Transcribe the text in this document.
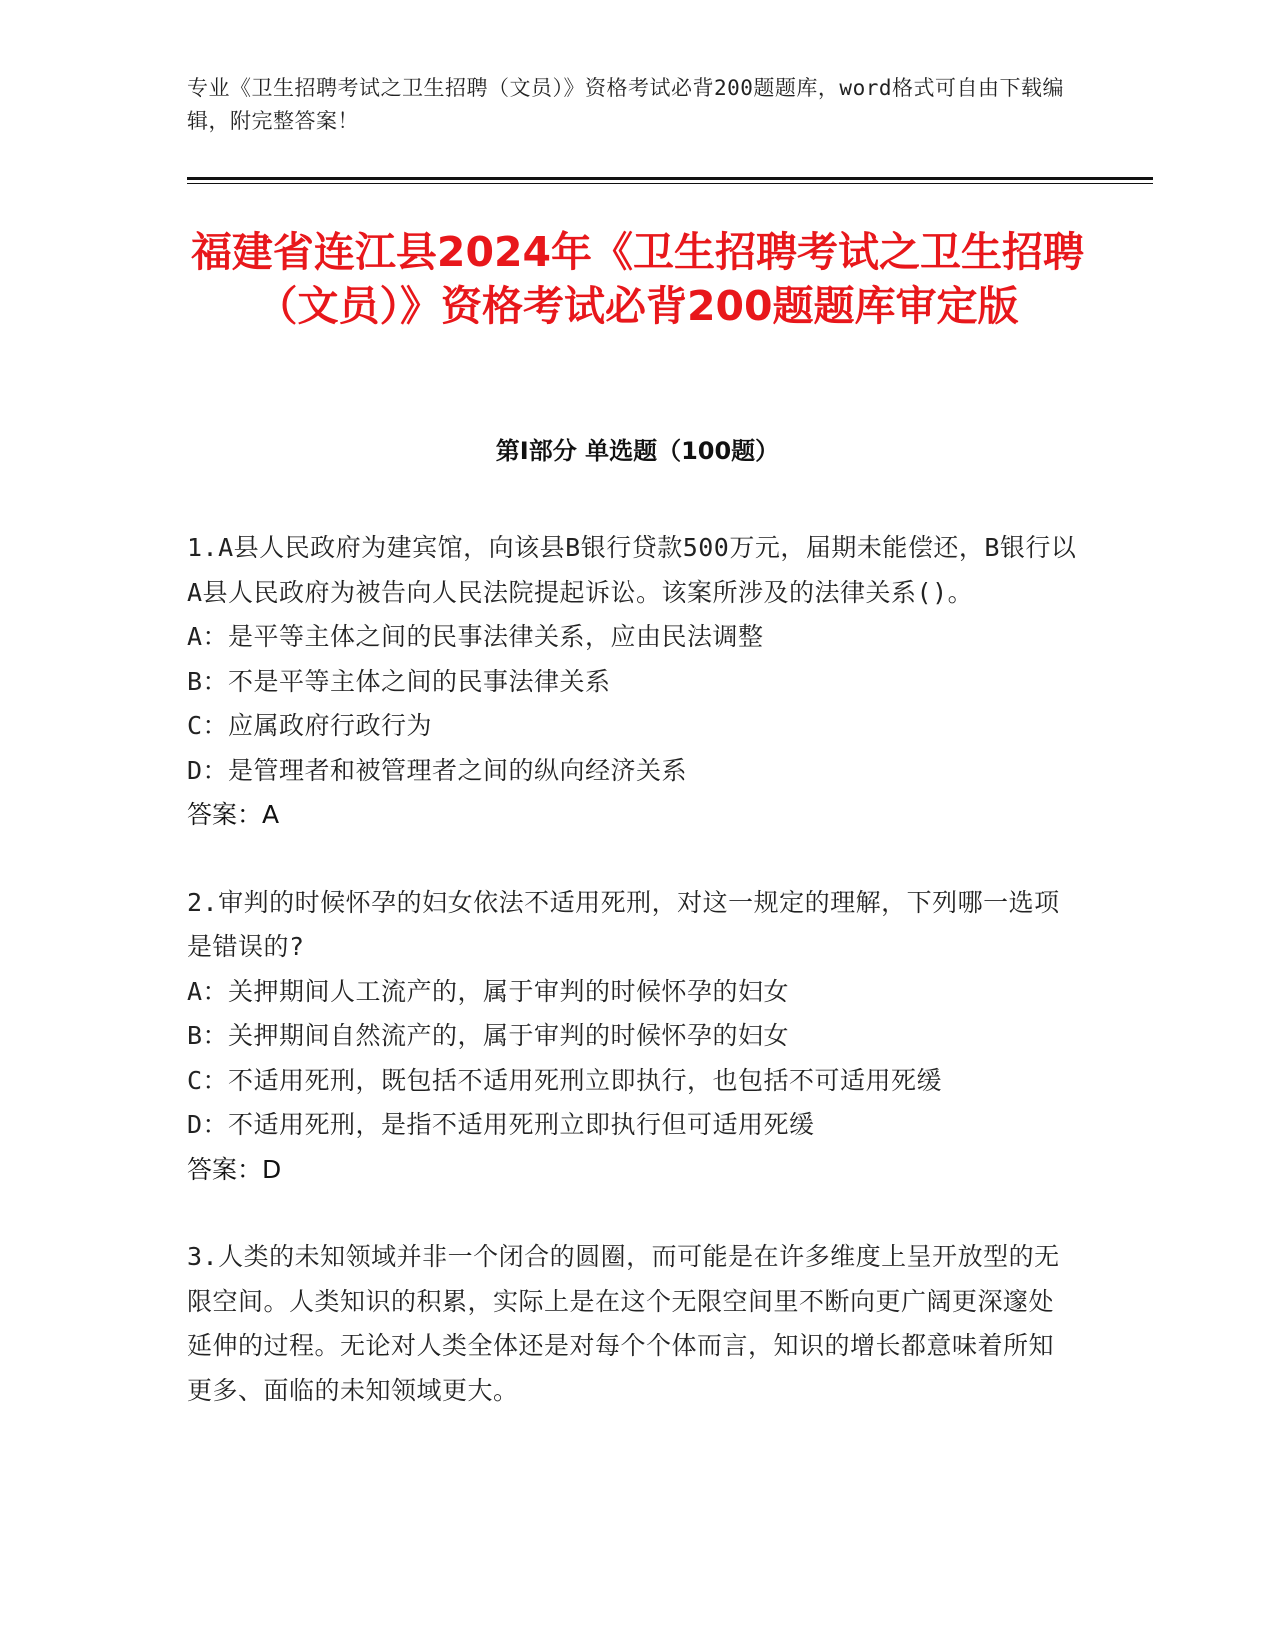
专业《卫生招聘考试之卫生招聘（文员）》资格考试必背200题题库，word格式可自由下载编辑，附完整答案！
福建省连江县2024年《卫生招聘考试之卫生招聘（文员）》资格考试必背200题题库审定版
第Ⅰ部分 单选题（100题）

1.A县人民政府为建宾馆，向该县B银行贷款500万元，届期未能偿还，B银行以A县人民政府为被告向人民法院提起诉讼。该案所涉及的法律关系()。

A：是平等主体之间的民事法律关系，应由民法调整

B：不是平等主体之间的民事法律关系

C：应属政府行政行为

D：是管理者和被管理者之间的纵向经济关系

答案：A

2.审判的时候怀孕的妇女依法不适用死刑，对这一规定的理解，下列哪一选项是错误的?

A：关押期间人工流产的，属于审判的时候怀孕的妇女

B：关押期间自然流产的，属于审判的时候怀孕的妇女

C：不适用死刑，既包括不适用死刑立即执行，也包括不可适用死缓

D：不适用死刑，是指不适用死刑立即执行但可适用死缓

答案：D

3.人类的未知领域并非一个闭合的圆圈，而可能是在许多维度上呈开放型的无限空间。人类知识的积累，实际上是在这个无限空间里不断向更广阔更深邃处延伸的过程。无论对人类全体还是对每个个体而言，知识的增长都意味着所知更多、面临的未知领域更大。
